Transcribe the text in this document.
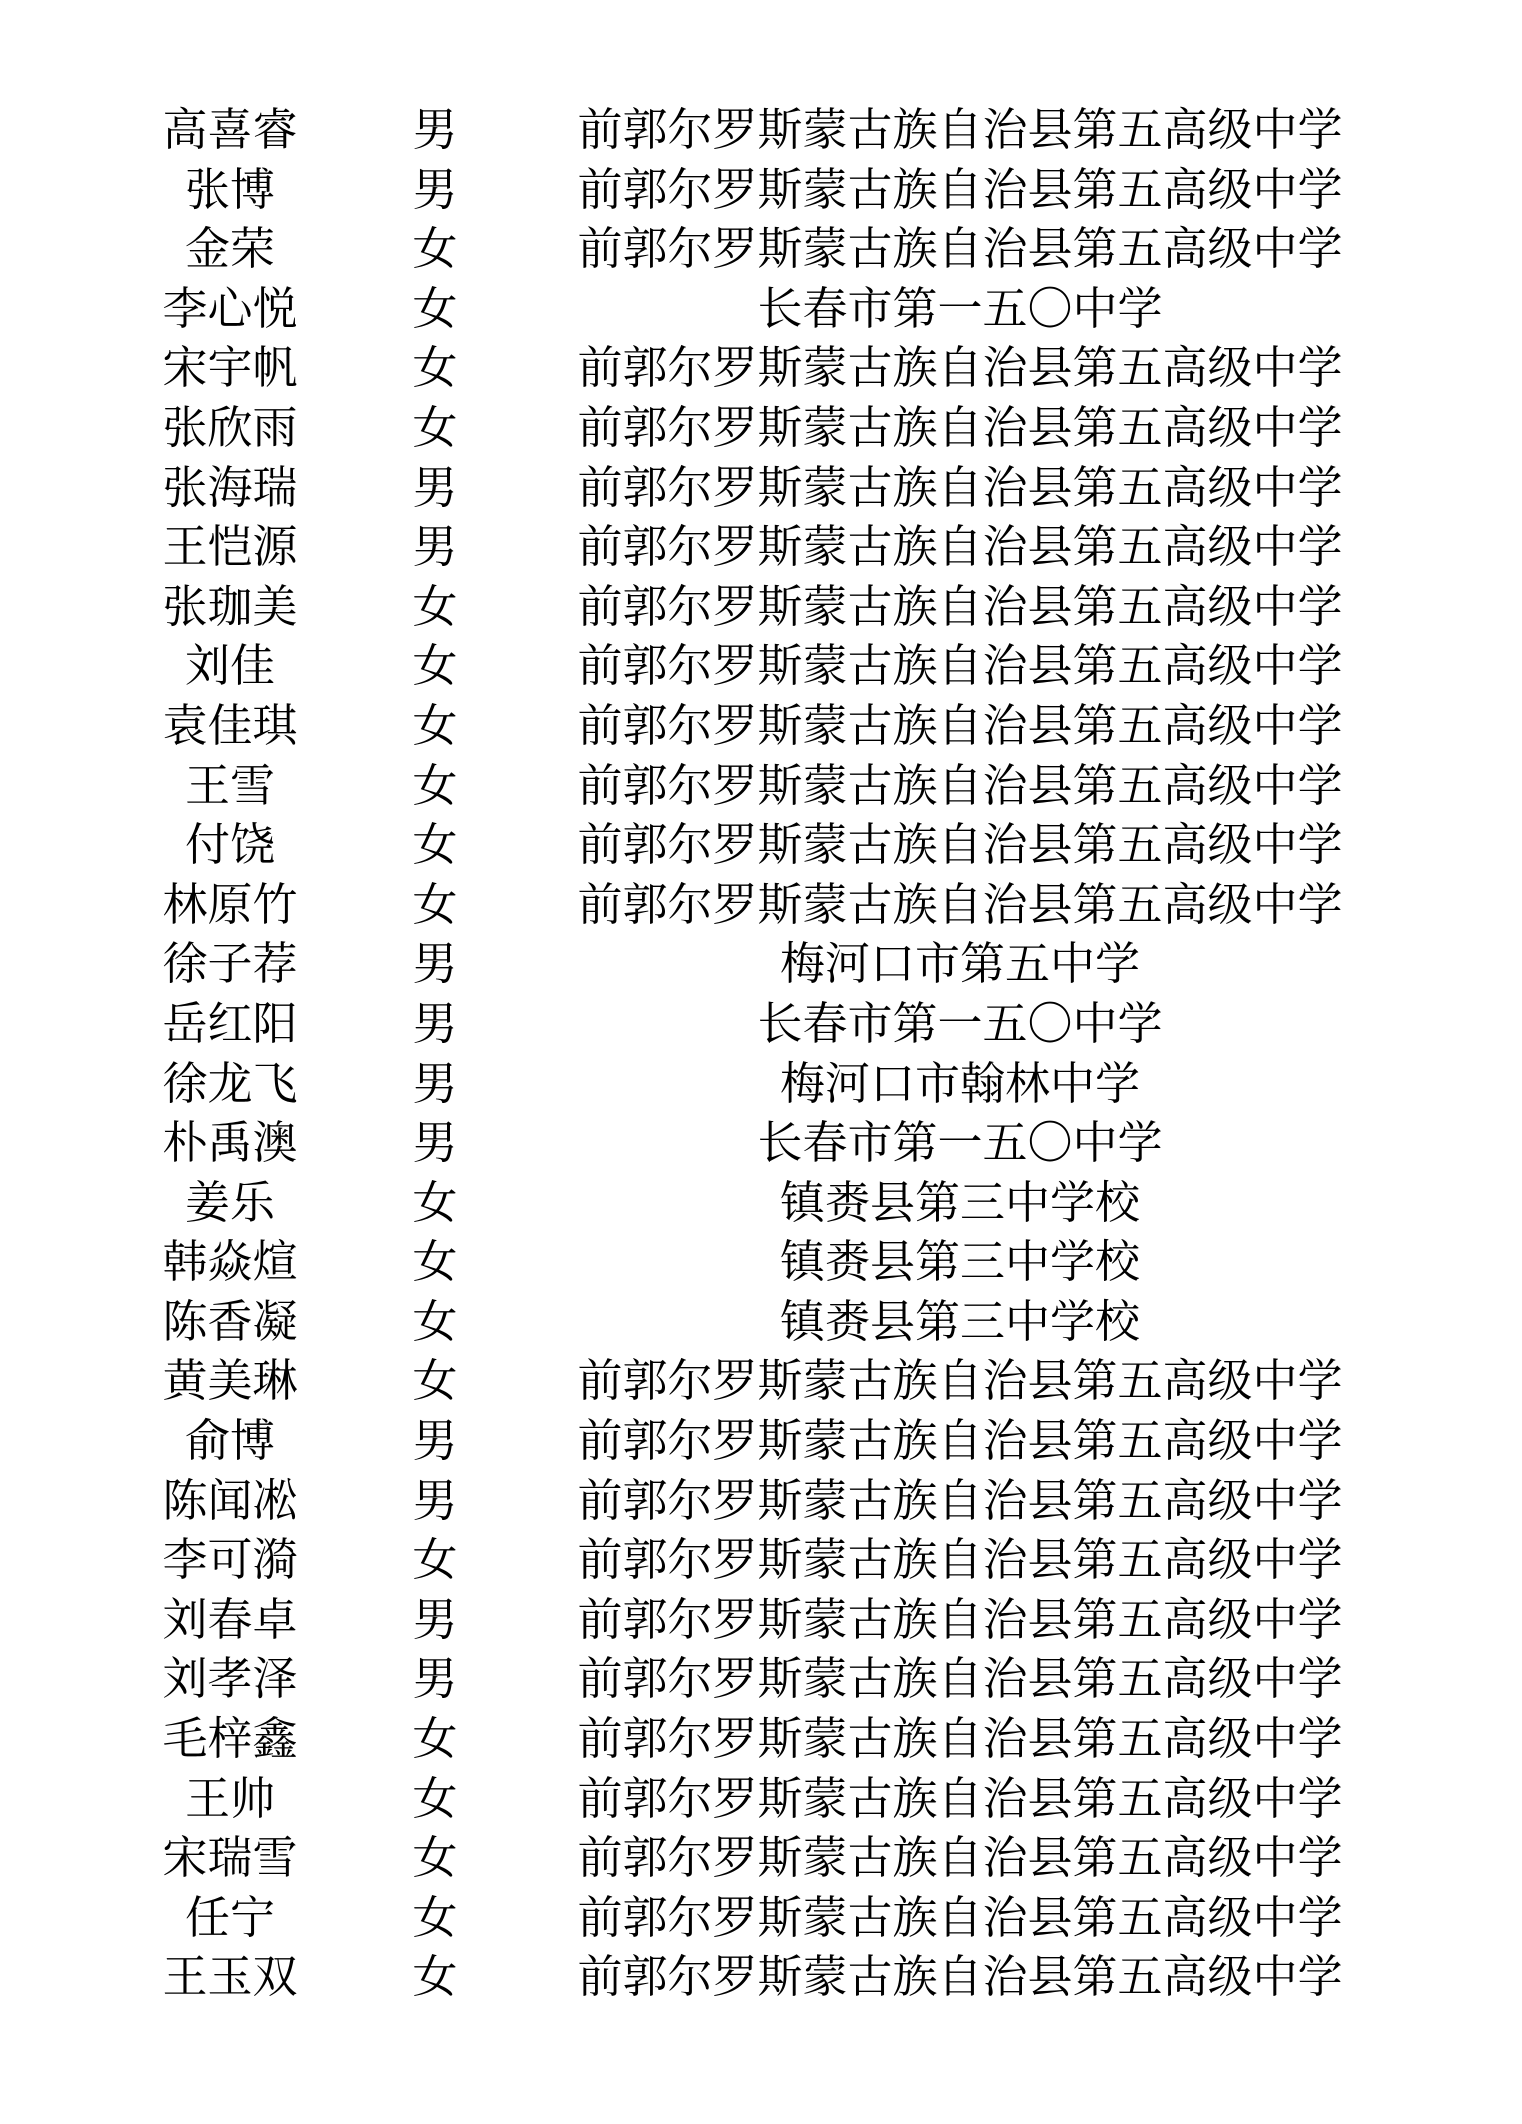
高喜睿	男	前郭尔罗斯蒙古族自治县第五高级中学
张博	男	前郭尔罗斯蒙古族自治县第五高级中学
金荣	女	前郭尔罗斯蒙古族自治县第五高级中学
李心悦	女	长春市第一五〇中学
宋宇帆	女	前郭尔罗斯蒙古族自治县第五高级中学
张欣雨	女	前郭尔罗斯蒙古族自治县第五高级中学
张海瑞	男	前郭尔罗斯蒙古族自治县第五高级中学
王恺源	男	前郭尔罗斯蒙古族自治县第五高级中学
张珈美	女	前郭尔罗斯蒙古族自治县第五高级中学
刘佳	女	前郭尔罗斯蒙古族自治县第五高级中学
袁佳琪	女	前郭尔罗斯蒙古族自治县第五高级中学
王雪	女	前郭尔罗斯蒙古族自治县第五高级中学
付饶	女	前郭尔罗斯蒙古族自治县第五高级中学
林原竹	女	前郭尔罗斯蒙古族自治县第五高级中学
徐子荐	男	梅河口市第五中学
岳红阳	男	长春市第一五〇中学
徐龙飞	男	梅河口市翰林中学
朴禹澳	男	长春市第一五〇中学
姜乐	女	镇赉县第三中学校
韩焱煊	女	镇赉县第三中学校
陈香凝	女	镇赉县第三中学校
黄美琳	女	前郭尔罗斯蒙古族自治县第五高级中学
俞博	男	前郭尔罗斯蒙古族自治县第五高级中学
陈闻凇	男	前郭尔罗斯蒙古族自治县第五高级中学
李可漪	女	前郭尔罗斯蒙古族自治县第五高级中学
刘春卓	男	前郭尔罗斯蒙古族自治县第五高级中学
刘孝泽	男	前郭尔罗斯蒙古族自治县第五高级中学
毛梓鑫	女	前郭尔罗斯蒙古族自治县第五高级中学
王帅	女	前郭尔罗斯蒙古族自治县第五高级中学
宋瑞雪	女	前郭尔罗斯蒙古族自治县第五高级中学
任宁	女	前郭尔罗斯蒙古族自治县第五高级中学
王玉双	女	前郭尔罗斯蒙古族自治县第五高级中学
